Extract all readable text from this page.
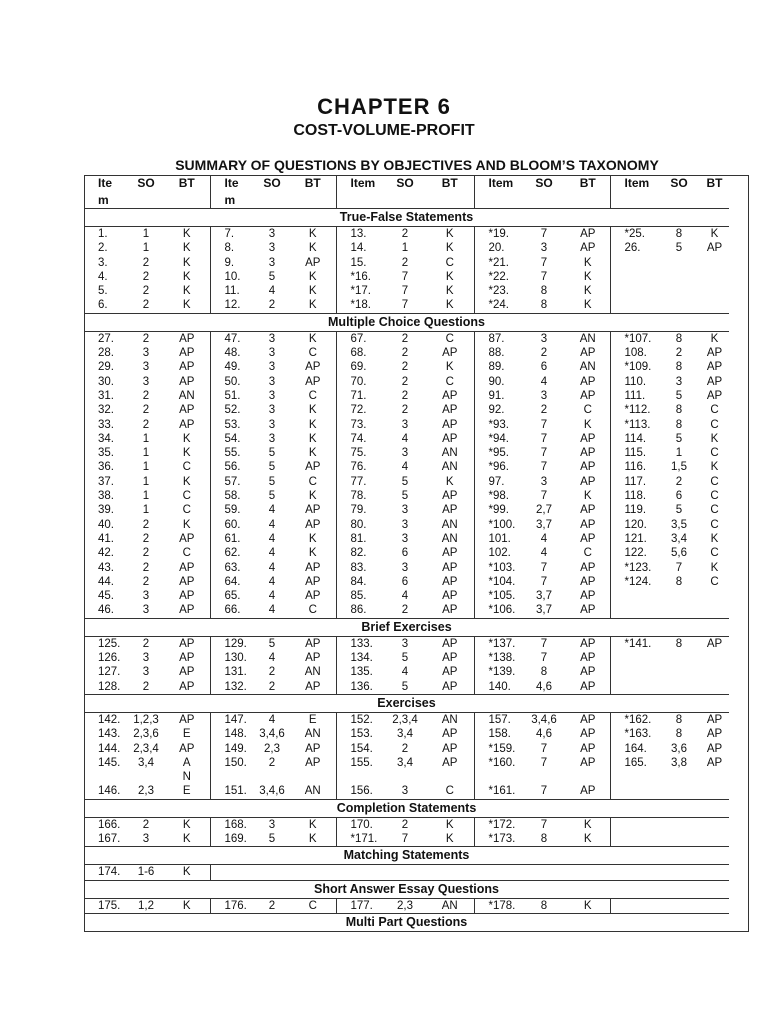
CHAPTER 6
COST-VOLUME-PROFIT
SUMMARY OF QUESTIONS BY OBJECTIVES AND BLOOM’S TAXONOMY
Ite	SO	BT	Ite	SO	BT	Item	SO	BT	Item	SO	BT	Item	SO	BT
m			m											
True-False Statements														
1.	1	K	7.	3	K	13.	2	K	*19.	7	AP	*25.	8	K
2.	1	K	8.	3	K	14.	1	K	20.	3	AP	26.	5	AP
3.	2	K	9.	3	AP	15.	2	C	*21.	7	K			
4.	2	K	10.	5	K	*16.	7	K	*22.	7	K			
5.	2	K	11.	4	K	*17.	7	K	*23.	8	K			
6.	2	K	12.	2	K	*18.	7	K	*24.	8	K			
Multiple Choice Questions														
27.	2	AP	47.	3	K	67.	2	C	87.	3	AN	*107.	8	K
28.	3	AP	48.	3	C	68.	2	AP	88.	2	AP	108.	2	AP
29.	3	AP	49.	3	AP	69.	2	K	89.	6	AN	*109.	8	AP
30.	3	AP	50.	3	AP	70.	2	C	90.	4	AP	110.	3	AP
31.	2	AN	51.	3	C	71.	2	AP	91.	3	AP	111.	5	AP
32.	2	AP	52.	3	K	72.	2	AP	92.	2	C	*112.	8	C
33.	2	AP	53.	3	K	73.	3	AP	*93.	7	K	*113.	8	C
34.	1	K	54.	3	K	74.	4	AP	*94.	7	AP	114.	5	K
35.	1	K	55.	5	K	75.	3	AN	*95.	7	AP	115.	1	C
36.	1	C	56.	5	AP	76.	4	AN	*96.	7	AP	116.	1,5	K
37.	1	K	57.	5	C	77.	5	K	97.	3	AP	117.	2	C
38.	1	C	58.	5	K	78.	5	AP	*98.	7	K	118.	6	C
39.	1	C	59.	4	AP	79.	3	AP	*99.	2,7	AP	119.	5	C
40.	2	K	60.	4	AP	80.	3	AN	*100.	3,7	AP	120.	3,5	C
41.	2	AP	61.	4	K	81.	3	AN	101.	4	AP	121.	3,4	K
42.	2	C	62.	4	K	82.	6	AP	102.	4	C	122.	5,6	C
43.	2	AP	63.	4	AP	83.	3	AP	*103.	7	AP	*123.	7	K
44.	2	AP	64.	4	AP	84.	6	AP	*104.	7	AP	*124.	8	C
45.	3	AP	65.	4	AP	85.	4	AP	*105.	3,7	AP			
46.	3	AP	66.	4	C	86.	2	AP	*106.	3,7	AP			
Brief Exercises														
125.	2	AP	129.	5	AP	133.	3	AP	*137.	7	AP	*141.	8	AP
126.	3	AP	130.	4	AP	134.	5	AP	*138.	7	AP			
127.	3	AP	131.	2	AN	135.	4	AP	*139.	8	AP			
128.	2	AP	132.	2	AP	136.	5	AP	140.	4,6	AP			
Exercises														
142.	1,2,3	AP	147.	4	E	152.	2,3,4	AN	157.	3,4,6	AP	*162.	8	AP
143.	2,3,6	E	148.	3,4,6	AN	153.	3,4	AP	158.	4,6	AP	*163.	8	AP
144.	2,3,4	AP	149.	2,3	AP	154.	2	AP	*159.	7	AP	164.	3,6	AP
145.	3,4	A	150.	2	AP	155.	3,4	AP	*160.	7	AP	165.	3,8	AP
		N												
146.	2,3	E	151.	3,4,6	AN	156.	3	C	*161.	7	AP			
Completion Statements														
166.	2	K	168.	3	K	170.	2	K	*172.	7	K			
167.	3	K	169.	5	K	*171.	7	K	*173.	8	K			
Matching Statements														
174.	1-6	K												
Short Answer Essay Questions														
175.	1,2	K	176.	2	C	177.	2,3	AN	*178.	8	K			
Multi Part Questions														
